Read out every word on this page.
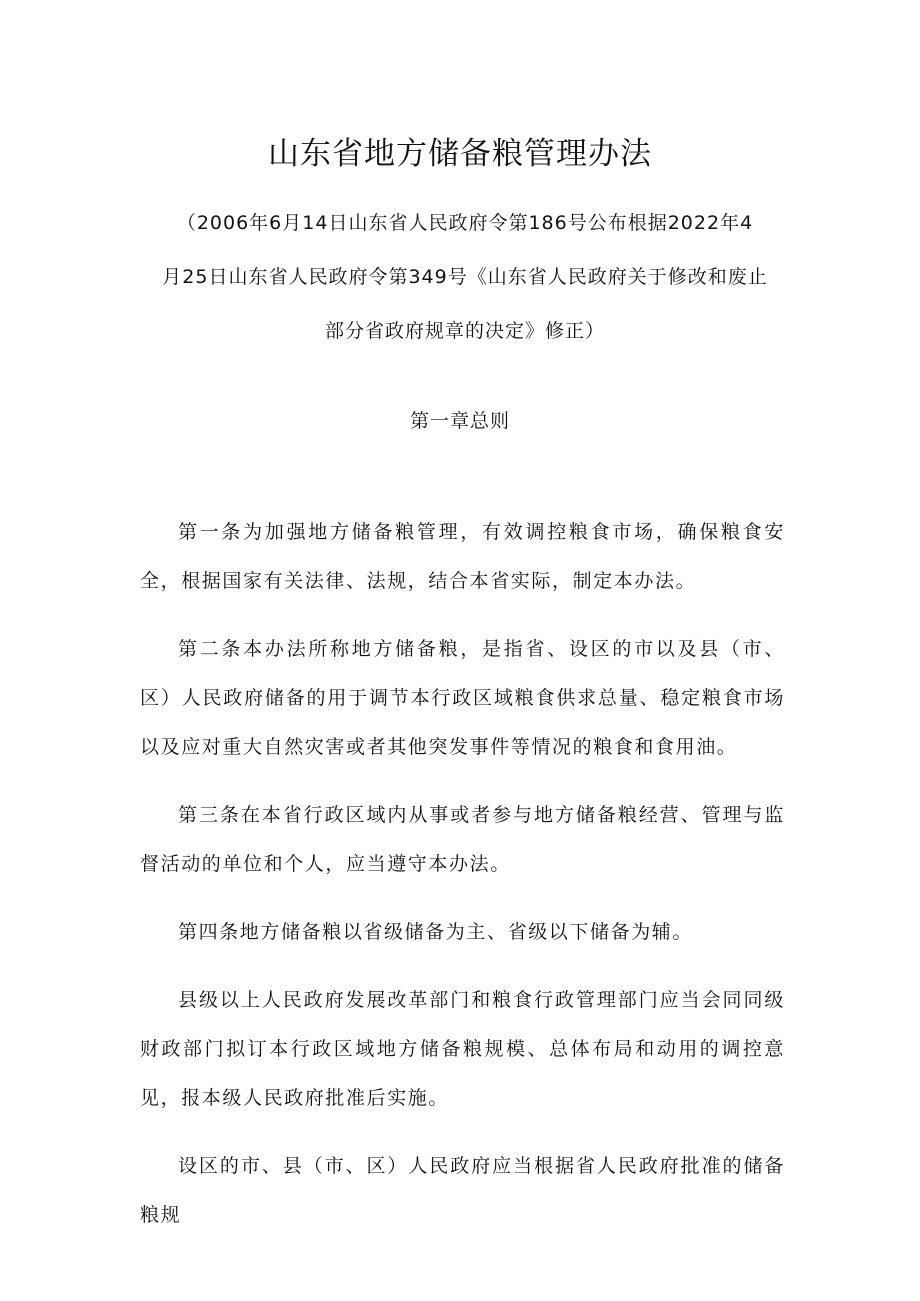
山东省地方储备粮管理办法
（2006年6月14日山东省人民政府令第186号公布根据2022年4
月25日山东省人民政府令第349号《山东省人民政府关于修改和废止
部分省政府规章的决定》修正）
第一章总则

第一条为加强地方储备粮管理，有效调控粮食市场，确保粮食安全，根据国家有关法律、法规，结合本省实际，制定本办法。

第二条本办法所称地方储备粮，是指省、设区的市以及县（市、区）人民政府储备的用于调节本行政区域粮食供求总量、稳定粮食市场以及应对重大自然灾害或者其他突发事件等情况的粮食和食用油。

第三条在本省行政区域内从事或者参与地方储备粮经营、管理与监督活动的单位和个人，应当遵守本办法。

第四条地方储备粮以省级储备为主、省级以下储备为辅。

县级以上人民政府发展改革部门和粮食行政管理部门应当会同同级财政部门拟订本行政区域地方储备粮规模、总体布局和动用的调控意见，报本级人民政府批准后实施。

设区的市、县（市、区）人民政府应当根据省人民政府批准的储备粮规
